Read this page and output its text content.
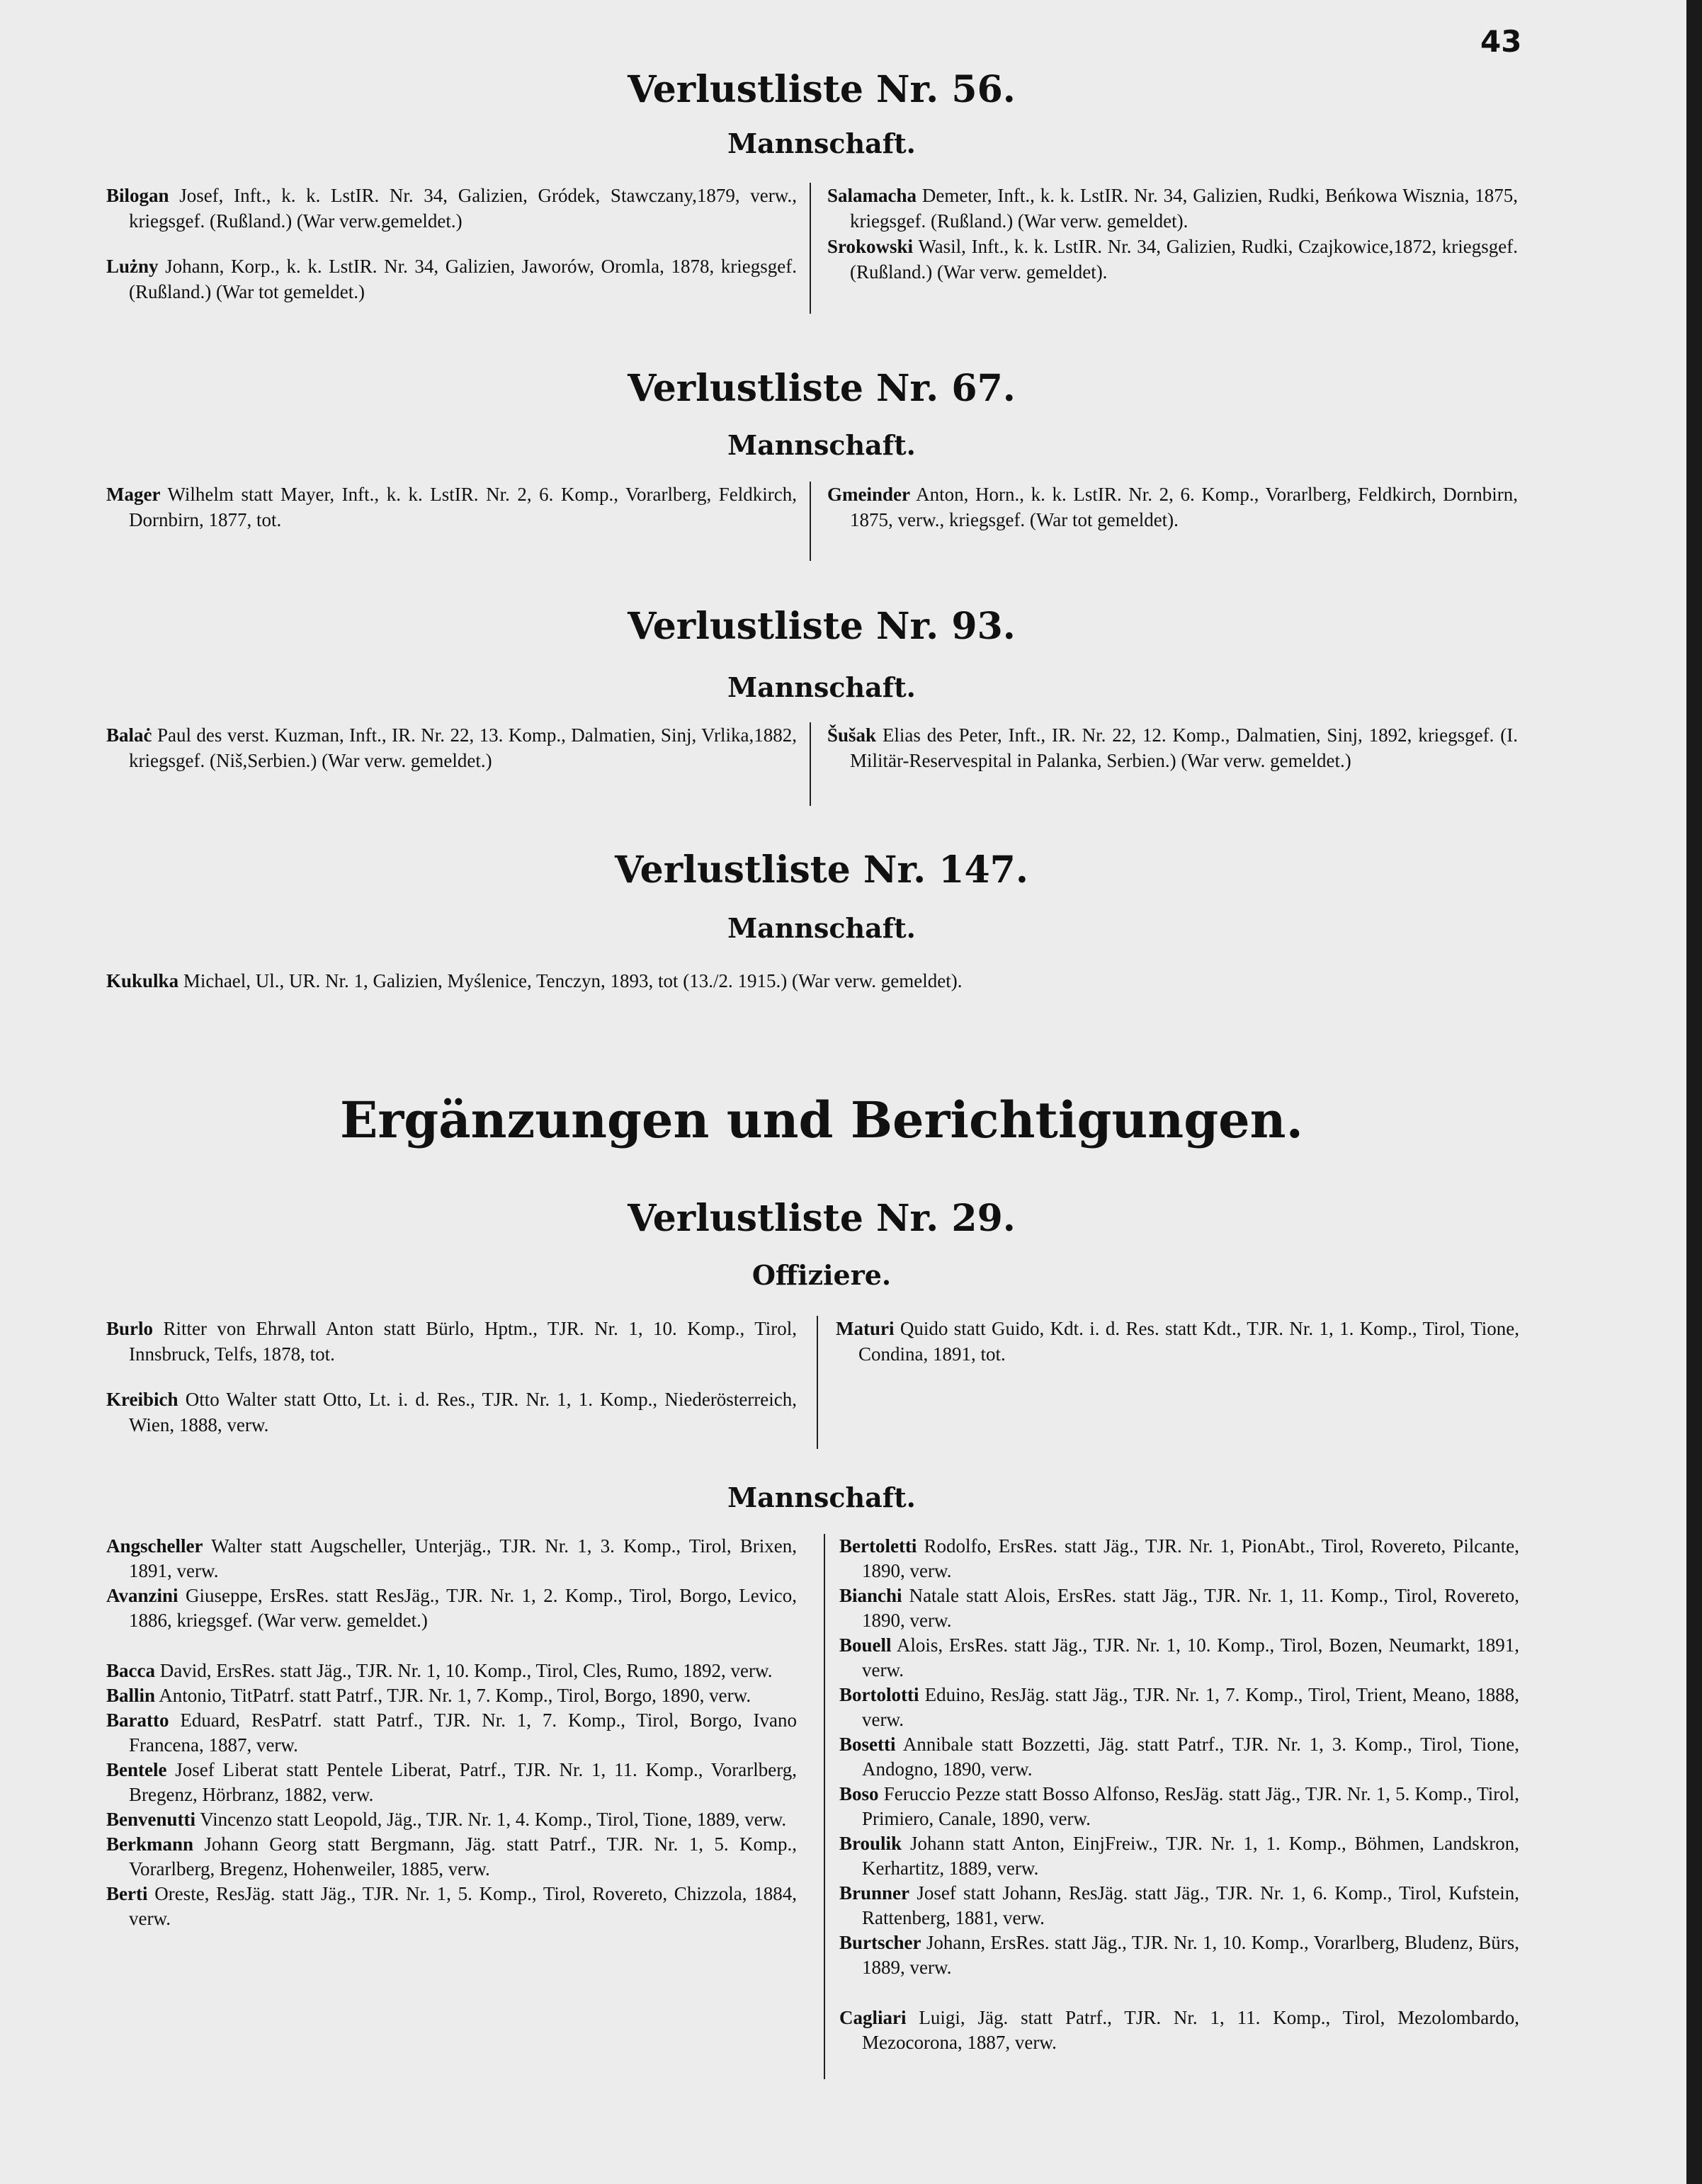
43
Verlustliste Nr. 56.
Mannschaft.
Bilogan Josef, Inft., k. k. LstIR. Nr. 34, Galizien, Gródek, Stawczany,1879, verw., kriegsgef. (Rußland.) (War verw.gemeldet.)
Lużny Johann, Korp., k. k. LstIR. Nr. 34, Galizien, Jaworów, Oromla, 1878, kriegsgef. (Rußland.) (War tot gemeldet.)
Salamacha Demeter, Inft., k. k. LstIR. Nr. 34, Galizien, Rudki, Beńkowa Wisznia, 1875, kriegsgef. (Rußland.) (War verw. gemeldet).
Srokowski Wasil, Inft., k. k. LstIR. Nr. 34, Galizien, Rudki, Czajkowice,1872, kriegsgef. (Rußland.) (War verw. gemeldet).
Verlustliste Nr. 67.
Mannschaft.
Mager Wilhelm statt Mayer, Inft., k. k. LstIR. Nr. 2, 6. Komp., Vorarlberg, Feldkirch, Dornbirn, 1877, tot.
Gmeinder Anton, Horn., k. k. LstIR. Nr. 2, 6. Komp., Vorarlberg, Feldkirch, Dornbirn, 1875, verw., kriegsgef. (War tot gemeldet).
Verlustliste Nr. 93.
Mannschaft.
Balaċ Paul des verst. Kuzman, Inft., IR. Nr. 22, 13. Komp., Dalmatien, Sinj, Vrlika,1882, kriegsgef. (Niš,Serbien.) (War verw. gemeldet.)
Šušak Elias des Peter, Inft., IR. Nr. 22, 12. Komp., Dalmatien, Sinj, 1892, kriegsgef. (I. Militär-Reservespital in Palanka, Serbien.) (War verw. gemeldet.)
Verlustliste Nr. 147.
Mannschaft.
Kukulka Michael, Ul., UR. Nr. 1, Galizien, Myślenice, Tenczyn, 1893, tot (13./2. 1915.) (War verw. gemeldet).
Ergänzungen und Berichtigungen.
Verlustliste Nr. 29.
Offiziere.
Burlo Ritter von Ehrwall Anton statt Bürlo, Hptm., TJR. Nr. 1, 10. Komp., Tirol, Innsbruck, Telfs, 1878, tot.
Kreibich Otto Walter statt Otto, Lt. i. d. Res., TJR. Nr. 1, 1. Komp., Niederösterreich, Wien, 1888, verw.
Maturi Quido statt Guido, Kdt. i. d. Res. statt Kdt., TJR. Nr. 1, 1. Komp., Tirol, Tione, Condina, 1891, tot.
Mannschaft.
Angscheller Walter statt Augscheller, Unterjäg., TJR. Nr. 1, 3. Komp., Tirol, Brixen, 1891, verw.
Avanzini Giuseppe, ErsRes. statt ResJäg., TJR. Nr. 1, 2. Komp., Tirol, Borgo, Levico, 1886, kriegsgef. (War verw. gemeldet.)
Bacca David, ErsRes. statt Jäg., TJR. Nr. 1, 10. Komp., Tirol, Cles, Rumo, 1892, verw.
Ballin Antonio, TitPatrf. statt Patrf., TJR. Nr. 1, 7. Komp., Tirol, Borgo, 1890, verw.
Baratto Eduard, ResPatrf. statt Patrf., TJR. Nr. 1, 7. Komp., Tirol, Borgo, Ivano Francena, 1887, verw.
Bentele Josef Liberat statt Pentele Liberat, Patrf., TJR. Nr. 1, 11. Komp., Vorarlberg, Bregenz, Hörbranz, 1882, verw.
Benvenutti Vincenzo statt Leopold, Jäg., TJR. Nr. 1, 4. Komp., Tirol, Tione, 1889, verw.
Berkmann Johann Georg statt Bergmann, Jäg. statt Patrf., TJR. Nr. 1, 5. Komp., Vorarlberg, Bregenz, Hohenweiler, 1885, verw.
Berti Oreste, ResJäg. statt Jäg., TJR. Nr. 1, 5. Komp., Tirol, Rovereto, Chizzola, 1884, verw.
Bertoletti Rodolfo, ErsRes. statt Jäg., TJR. Nr. 1, PionAbt., Tirol, Rovereto, Pilcante, 1890, verw.
Bianchi Natale statt Alois, ErsRes. statt Jäg., TJR. Nr. 1, 11. Komp., Tirol, Rovereto, 1890, verw.
Bouell Alois, ErsRes. statt Jäg., TJR. Nr. 1, 10. Komp., Tirol, Bozen, Neumarkt, 1891, verw.
Bortolotti Eduino, ResJäg. statt Jäg., TJR. Nr. 1, 7. Komp., Tirol, Trient, Meano, 1888, verw.
Bosetti Annibale statt Bozzetti, Jäg. statt Patrf., TJR. Nr. 1, 3. Komp., Tirol, Tione, Andogno, 1890, verw.
Boso Feruccio Pezze statt Bosso Alfonso, ResJäg. statt Jäg., TJR. Nr. 1, 5. Komp., Tirol, Primiero, Canale, 1890, verw.
Broulik Johann statt Anton, EinjFreiw., TJR. Nr. 1, 1. Komp., Böhmen, Landskron, Kerhartitz, 1889, verw.
Brunner Josef statt Johann, ResJäg. statt Jäg., TJR. Nr. 1, 6. Komp., Tirol, Kufstein, Rattenberg, 1881, verw.
Burtscher Johann, ErsRes. statt Jäg., TJR. Nr. 1, 10. Komp., Vorarlberg, Bludenz, Bürs, 1889, verw.
Cagliari Luigi, Jäg. statt Patrf., TJR. Nr. 1, 11. Komp., Tirol, Mezolombardo, Mezocorona, 1887, verw.
